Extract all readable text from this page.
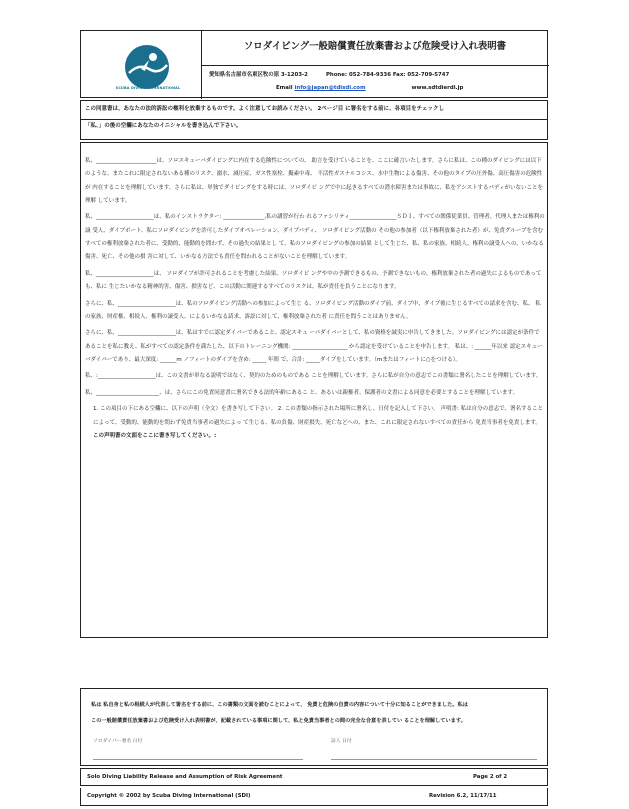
SCUBA DIVING INTERNATIONAL
ソロダイビング一般賠償責任放棄書および危険受け入れ表明書
愛知県名古屋市名東区牧の原 3-1203-2	Phone: 052-784-9336 Fax: 052-709-5747
Email info@japan@tdisdi.com	www.sdtdierdi.jp

この同意書は、あなたの法的訴訟の権利を放棄するものです。よく注意してお読みください。 2ページ目 に署名をする前に、各項目をチェックし

「私、」の後の空欄にあなたのイニシャルを書き込んで下さい。

私、______________________は、ソロスキューバダイビングに内在する危険性についての、 助言を受けていることを、ここに確言いたします。さらに私は、この種のダイビングには以下 のような、またこれに限定されないある種のリスク、溺水、減圧症、ガス性塞栓、擬素中毒、 不活性ガスナルコシス、水中生物による傷害、その他のタイプの圧外傷、高圧傷害の危険性が 内在することを理解しています。さらに私は、単独でダイビングをする時には、ソロダイビ ングで中に起きるすべての潜水障害または事故に、私をアシストするバディがいないことを理解 しています。

私、_____________________は、私のインストラクター: _______________,私の講習が行わ れるファシリティ_________________ＳＤＩ、すべての関係従業員、管理者、代理人または権利の譲 受人、ダイブボート、私にソロダイビングを許可したダイブオペレーション、ダイブバディ、 ソロダイビング活動の その他の参加者（以下権利放棄された者）が、免責グループを含むすべての権利放棄された者に、受動的、能動的を問わず、その過失の結果とし て、私のソロダイビングの参加の結果 として生じた、私、私の家族、相続人、権利の譲受人への、いかなる傷害、死亡、その他の損 害に対して、いかなる方法でも責任を問われることがないことを理解しています。

私、_____________________は、 ソロダイブが許可されることを考慮した結果、ソロダイビ ングや中の予測できるもの、予測できないもの、権利放棄された者の過失によるものであっても、私に 生じたいかなる精神的害、傷害、損害など、この活動に関連するすべてのリスクは、私が責任を負うことになります。

さらに、私、_____________________は、私のソロダイビング活動への参加によって生じ る、ソロダイビング活動のダイブ前、ダイブ中、ダイブ後に生じるすべての請求を含む、私、 私の家族、財産権、相続人、権利の譲受人、によるいかなる請求、訴訟に対して、権利放棄された者 に責任を問うことはありません。

さらに、私、_____________________は、私はすでに認定ダイバーであること、認定スキュ ーバダイバーとして、私の資格を誠実に申告してきました。ソロダイビングには認定が条件で あることを私に教え、私がすべての認定条件を満たした、以下のトレーニング機関: ____________________ から認定を受けていることを申告します。 私は、: ______年以来 認定スキューバダイバーであり、最大深度: ______m ノフィートのダイブを含め: _____ 年間 で、合計: _____ダイブをしています。（mまたはフィートに○をつける）。

私、:_____________________は、この文書が単なる説明ではなく、契約のためのものである ことを理解しています。さらに私が自分の意志でこの書類に署名したことを理解しています。

私、_______________________、は、さらにこの免責同意書に署名できる法的年齢にあるこ と、あるいは親権者、保護者の文書による同意を必要とすることを理解しています。

1. この項目の下にある空欄に、以下の声明（全文）を書き写して下さい。 2. この書類の指示された場所に署名し、日付を記入して下さい。 声明書: 私は自分の意志で、署名することによって、受動的、能動的を問わず免責当事者の過失によっ て生じる、私の負傷、財産損失、死亡などへの、また、これに限定されないすべての責任から 免責当事者を免責します。 この声明書の文面をここに書き写してください。:

私は 私自身と私の相続人が代表して署名をする前に、この書類の文面を読むことによって、 免責と危険の自責の内容について十分に知ることができました。私は

この一般賠償責任放棄書および危険受け入れ表明書が、記載されている事項に関して、私と免責当事者との間の完全な合意を表してい ることを理解しています。

ソロダイバー署名 日付	証人 日付
Solo Diving Liability Release and Assumption of Risk Agreement	Page 2 of 2
Copyright © 2002 by Scuba Diving International (SDI)	Revision 6.2, 11/17/11
